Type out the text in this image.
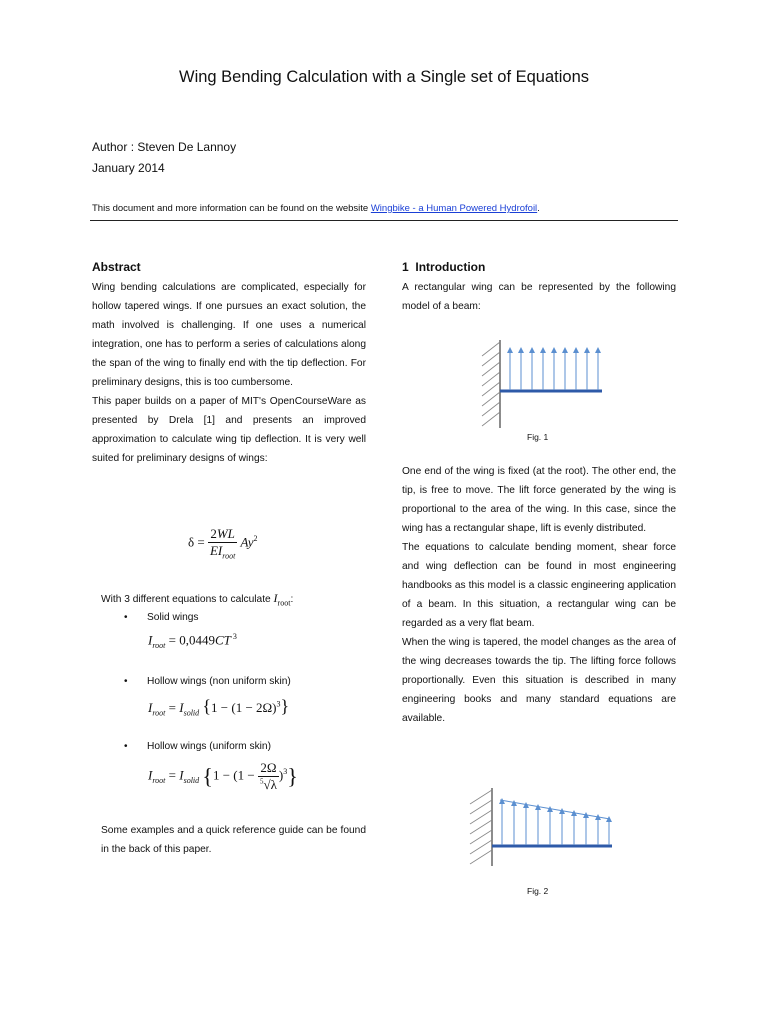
Wing Bending Calculation with a Single set of Equations
Author : Steven De Lannoy
January 2014
This document and more information can be found on the website Wingbike - a Human Powered Hydrofoil.
Abstract

Wing bending calculations are complicated, especially for hollow tapered wings. If one pursues an exact solution, the math involved is challenging. If one uses a numerical integration, one has to perform a series of calculations along the span of the wing to finally end with the tip deflection. For preliminary designs, this is too cumbersome.

This paper builds on a paper of MIT's OpenCourseWare as presented by Drela [1] and presents an improved approximation to calculate wing tip deflection. It is very well suited for preliminary designs of wings:

$\delta = \frac{2WL}{EI_{root}} Ay^2$
With 3 different equations to calculate $I_{root}$:
• Solid wings
$I_{root} = 0,0449CT$ $^3$
• Hollow wings (non uniform skin)
$I_{root} = I_{solid}$ $\{1 - (1 - 2\Omega)^3\}$
• Hollow wings (uniform skin)
$I_{root} = I_{solid}$ $\{1 - (1 - \frac{2\Omega}{^5√\lambda} )^3\}$
Some examples and a quick reference guide can be found in the back of this paper.
1 Introduction
A rectangular wing can be represented by the following model of a beam:
Fig. 1

One end of the wing is fixed (at the root). The other end, the tip, is free to move. The lift force generated by the wing is proportional to the area of the wing. In this case, since the wing has a rectangular shape, lift is evenly distributed.

The equations to calculate bending moment, shear force and wing deflection can be found in most engineering handbooks as this model is a classic engineering application of a beam. In this situation, a rectangular wing can be regarded as a very flat beam.

When the wing is tapered, the model changes as the area of the wing decreases towards the tip. The lifting force follows proportionally. Even this situation is described in many engineering books and many standard equations are available.

Fig. 2
